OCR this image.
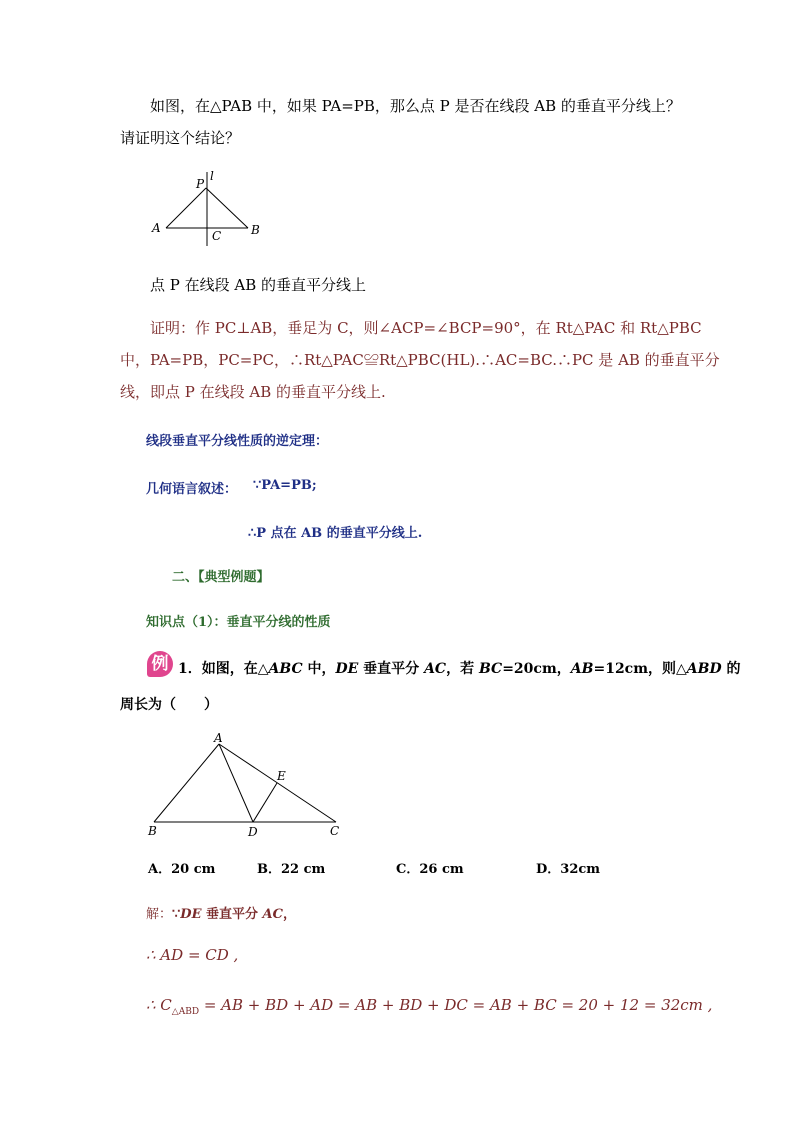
如图，在△PAB 中，如果 PA=PB，那么点 P 是否在线段 AB 的垂直平分线上？
请证明这个结论？
P
l
A	B
C
点 P 在线段 AB 的垂直平分线上
证明：作 PC⊥AB，垂足为 C，则∠ACP=∠BCP=90°，在 Rt△PAC 和 Rt△PBC
中，PA=PB，PC=PC，∴Rt△PAC≌Rt△PBC(HL).∴AC=BC.∴PC 是 AB 的垂直平分
线，即点 P 在线段 AB 的垂直平分线上.
线段垂直平分线性质的逆定理：
几何语言叙述： ∵PA=PB;
∴P 点在 AB 的垂直平分线上.
二、【典型例题】
知识点（1）：垂直平分线的性质
例 1．如图，在△ABC 中，DE 垂直平分 AC，若 BC=20cm，AB=12cm，则△ABD 的
周长为（　　）
A
B	C
D
E
A．20 cm	B．22 cm	C．26 cm	D．32cm
解：∵DE 垂直平分 AC，
∴ AD = CD ,
∴ $C_{\triangle ABD}$ = AB + BD + AD = AB + BD + DC = AB + BC = 20 + 12 = 32cm ,
